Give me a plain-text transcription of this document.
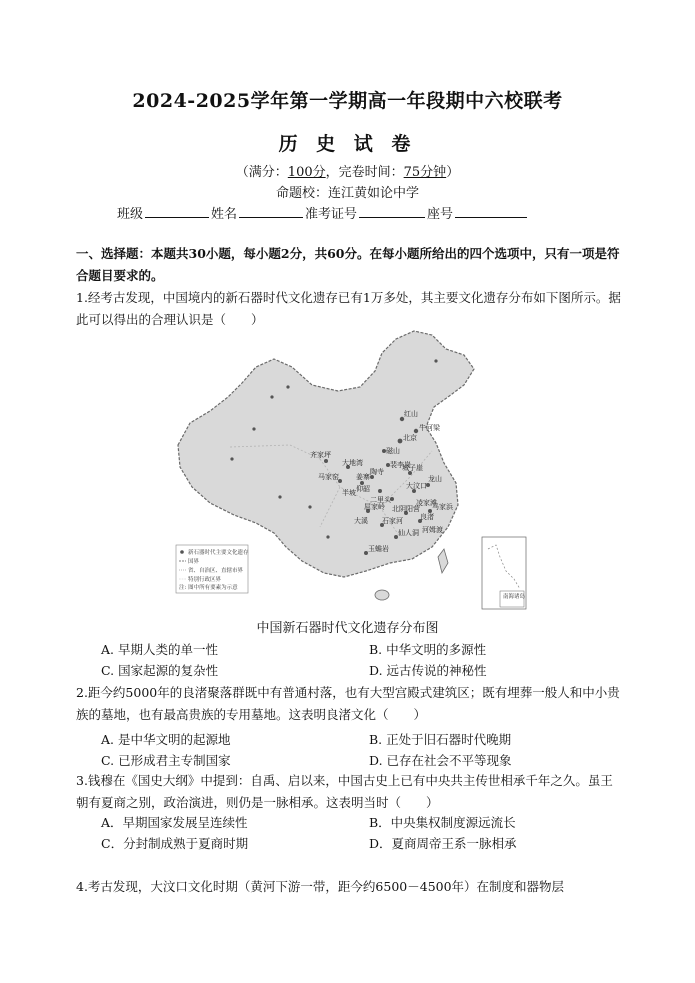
2024-2025学年第一学期高一年段期中六校联考
历 史 试 卷
（满分：100分，完卷时间：75分钟）
命题校：连江黄如论中学
班级	姓名	准考证号	座号
一、选择题：本题共30小题，每小题2分，共60分。在每小题所给出的四个选项中，只有一项是符合题目要求的。
1.经考古发现，中国境内的新石器时代文化遗存已有1万多处，其主要文化遗存分布如下图所示。据此可以得出的合理认识是（　　）
红山
牛河梁
北京
磁山
裴李岗
齐家坪
大地湾
马家窑
半坡
姜寨
仰韶
陶寺
二里头
城子崖
大汶口
龙山
凌家滩
良渚
马家浜
河姆渡
屈家岭
大溪 石家河
仙人洞
玉蟾岩
北阴阳营
新石器时代主要文化遗存
国界
省、自治区、直辖市界
特别行政区界
注: 图中所有要素为示意
南海诸岛
中国新石器时代文化遗存分布图
A. 早期人类的单一性	B. 中华文明的多源性
C. 国家起源的复杂性	D. 远古传说的神秘性
2.距今约5000年的良渚聚落群既中有普通村落，也有大型宫殿式建筑区；既有埋葬一般人和中小贵族的墓地，也有最高贵族的专用墓地。这表明良渚文化（　　）
A. 是中华文明的起源地	B. 正处于旧石器时代晚期
C. 已形成君主专制国家	D. 已存在社会不平等现象
3.钱穆在《国史大纲》中提到：自禹、启以来，中国古史上已有中央共主传世相承千年之久。虽王朝有夏商之别，政治演进，则仍是一脉相承。这表明当时（　　）
A．早期国家发展呈连续性	B．中央集权制度源远流长
C．分封制成熟于夏商时期	D．夏商周帝王系一脉相承
4.考古发现，大汶口文化时期（黄河下游一带，距今约6500－4500年）在制度和器物层
